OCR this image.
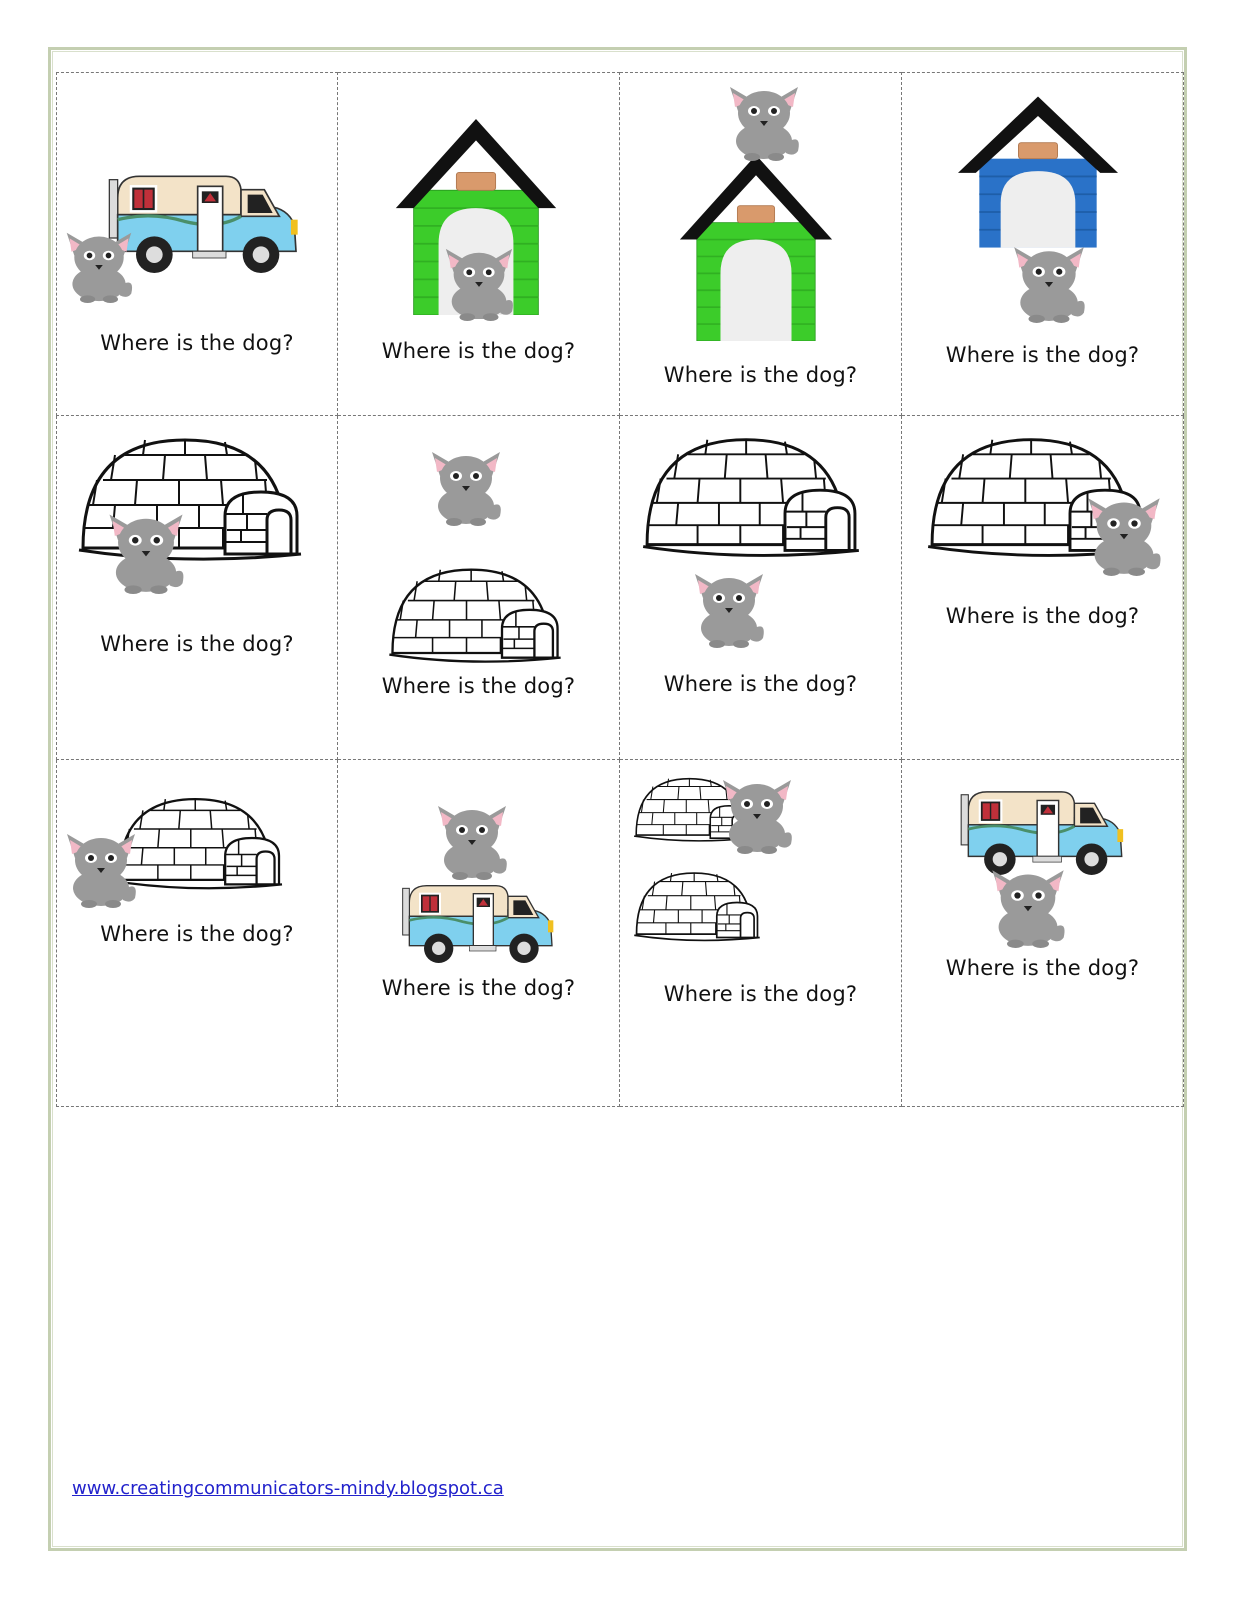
Where is the dog?	Where is the dog?
Where is the dog?
Where is the dog?
Where is the dog?
Where is the dog?	Where is the dog?
Where is the dog?
Where is the dog?
Where is the dog?	Where is the dog?
Where is the dog?
www.creatingcommunicators-mindy.blogspot.ca
